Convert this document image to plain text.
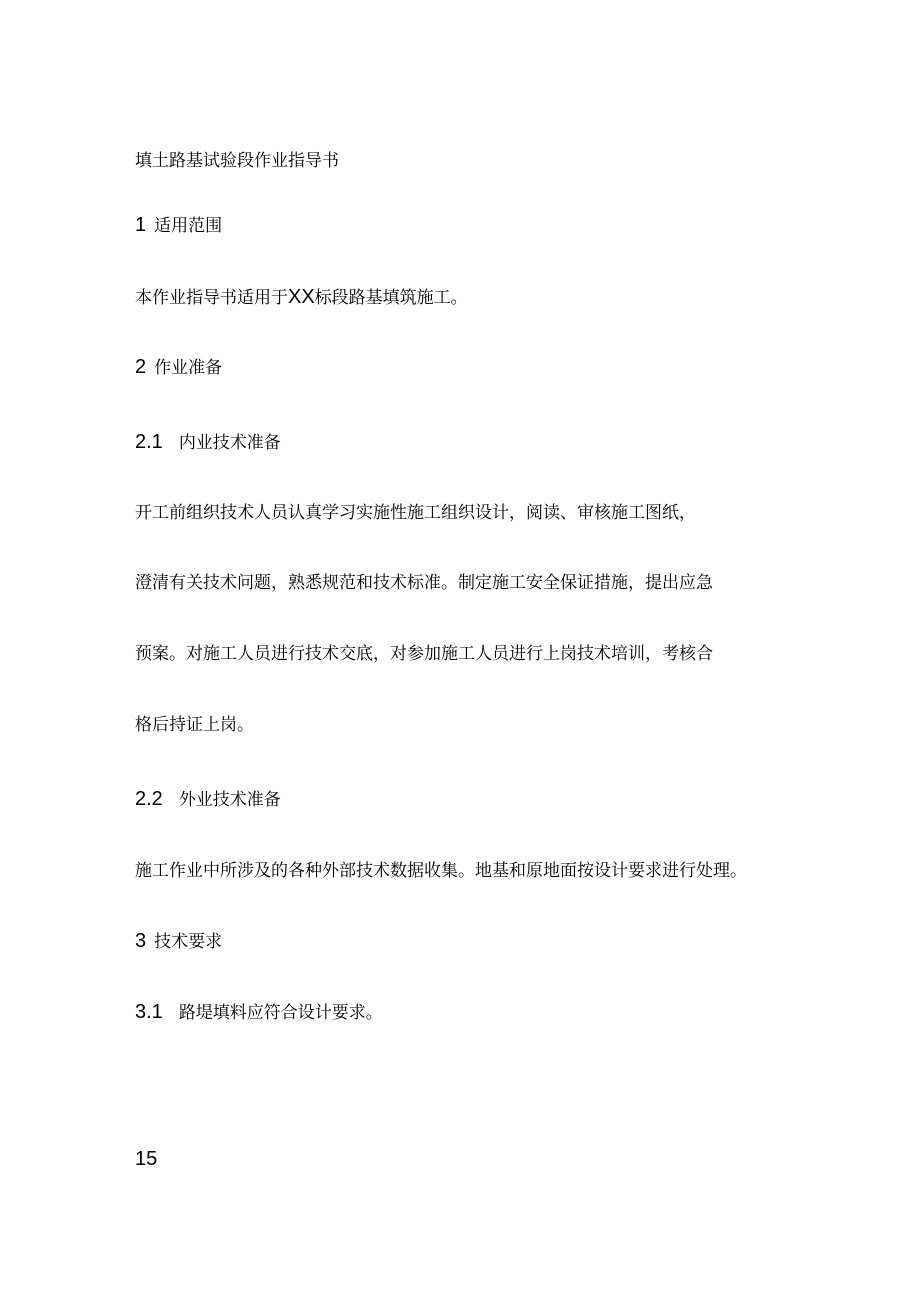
填土路基试验段作业指导书

1 适用范围

本作业指导书适用于XX标段路基填筑施工。

2 作业准备

2.1 内业技术准备

开工前组织技术人员认真学习实施性施工组织设计，阅读、审核施工图纸，

澄清有关技术问题，熟悉规范和技术标准。制定施工安全保证措施，提出应急

预案。对施工人员进行技术交底，对参加施工人员进行上岗技术培训，考核合

格后持证上岗。

2.2 外业技术准备

施工作业中所涉及的各种外部技术数据收集。地基和原地面按设计要求进行处理。

3 技术要求

3.1 路堤填料应符合设计要求。

15
